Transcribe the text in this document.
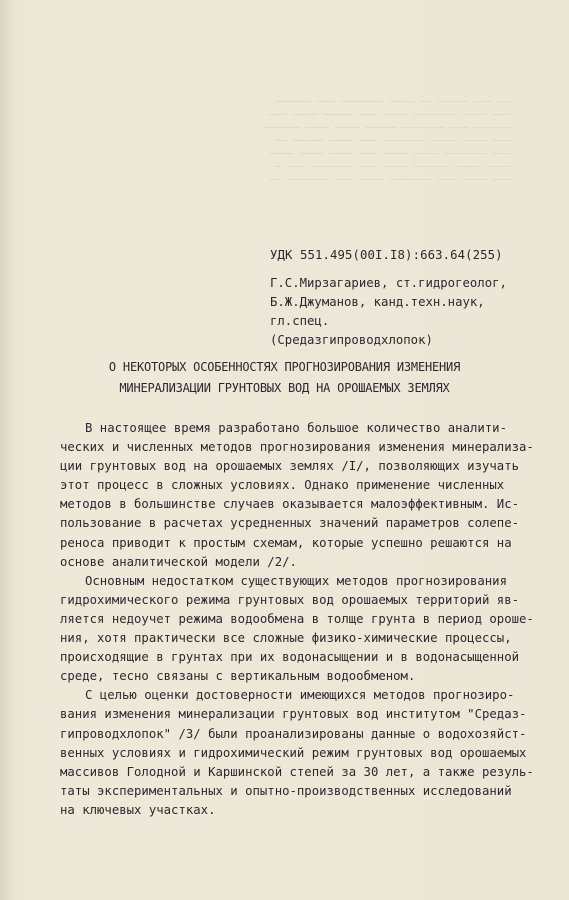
—— ——— ————— —— ———— ——————— ——— ——————
——— ———— ——————— ———— ——— ————— ———— ———
—————— ——— ——————— ————— ———— ———— ——————
——— ———— ———— ——————— ——— ———— ————— ——
——— ——————— ———— ———— ——— ———— ———— ————
———— ———— —————— ———— ——— ——————— ——— —
——— ———— ——— ——————— ———— ——— ——————— ——
УДК 551.495(00I.I8):663.64(255)
Г.С.Мирзагариев, ст.гидрогеолог,
Б.Ж.Джуманов, канд.техн.наук,
гл.спец.
(Средазгипроводхлопок)
О НЕКОТОРЫХ ОСОБЕННОСТЯХ ПРОГНОЗИРОВАНИЯ ИЗМЕНЕНИЯ
МИНЕРАЛИЗАЦИИ ГРУНТОВЫХ ВОД НА ОРОШАЕМЫХ ЗЕМЛЯХ
В настоящее время разработано большое количество аналити-
ческих и численных методов прогнозирования изменения минерализа-
ции грунтовых вод на орошаемых землях /I/, позволяющих изучать
этот процесс в сложных условиях. Однако применение численных
методов в большинстве случаев оказывается малоэффективным. Ис-
пользование в расчетах усредненных значений параметров солепе-
реноса приводит к простым схемам, которые успешно решаются на
основе аналитической модели /2/.
Основным недостатком существующих методов прогнозирования
гидрохимического режима грунтовых вод орошаемых территорий яв-
ляется недоучет режима водообмена в толще грунта в период ороше-
ния, хотя практически все сложные физико-химические процессы,
происходящие в грунтах при их водонасыщении и в водонасыщенной
среде, тесно связаны с вертикальным водообменом.
С целью оценки достоверности имеющихся методов прогнозиро-
вания изменения минерализации грунтовых вод институтом "Средаз-
гипроводхлопок" /3/ были проанализированы данные о водохозяйст-
венных условиях и гидрохимический режим грунтовых вод орошаемых
массивов Голодной и Каршинской степей за 30 лет, а также резуль-
таты экспериментальных и опытно-производственных исследований
на ключевых участках.
